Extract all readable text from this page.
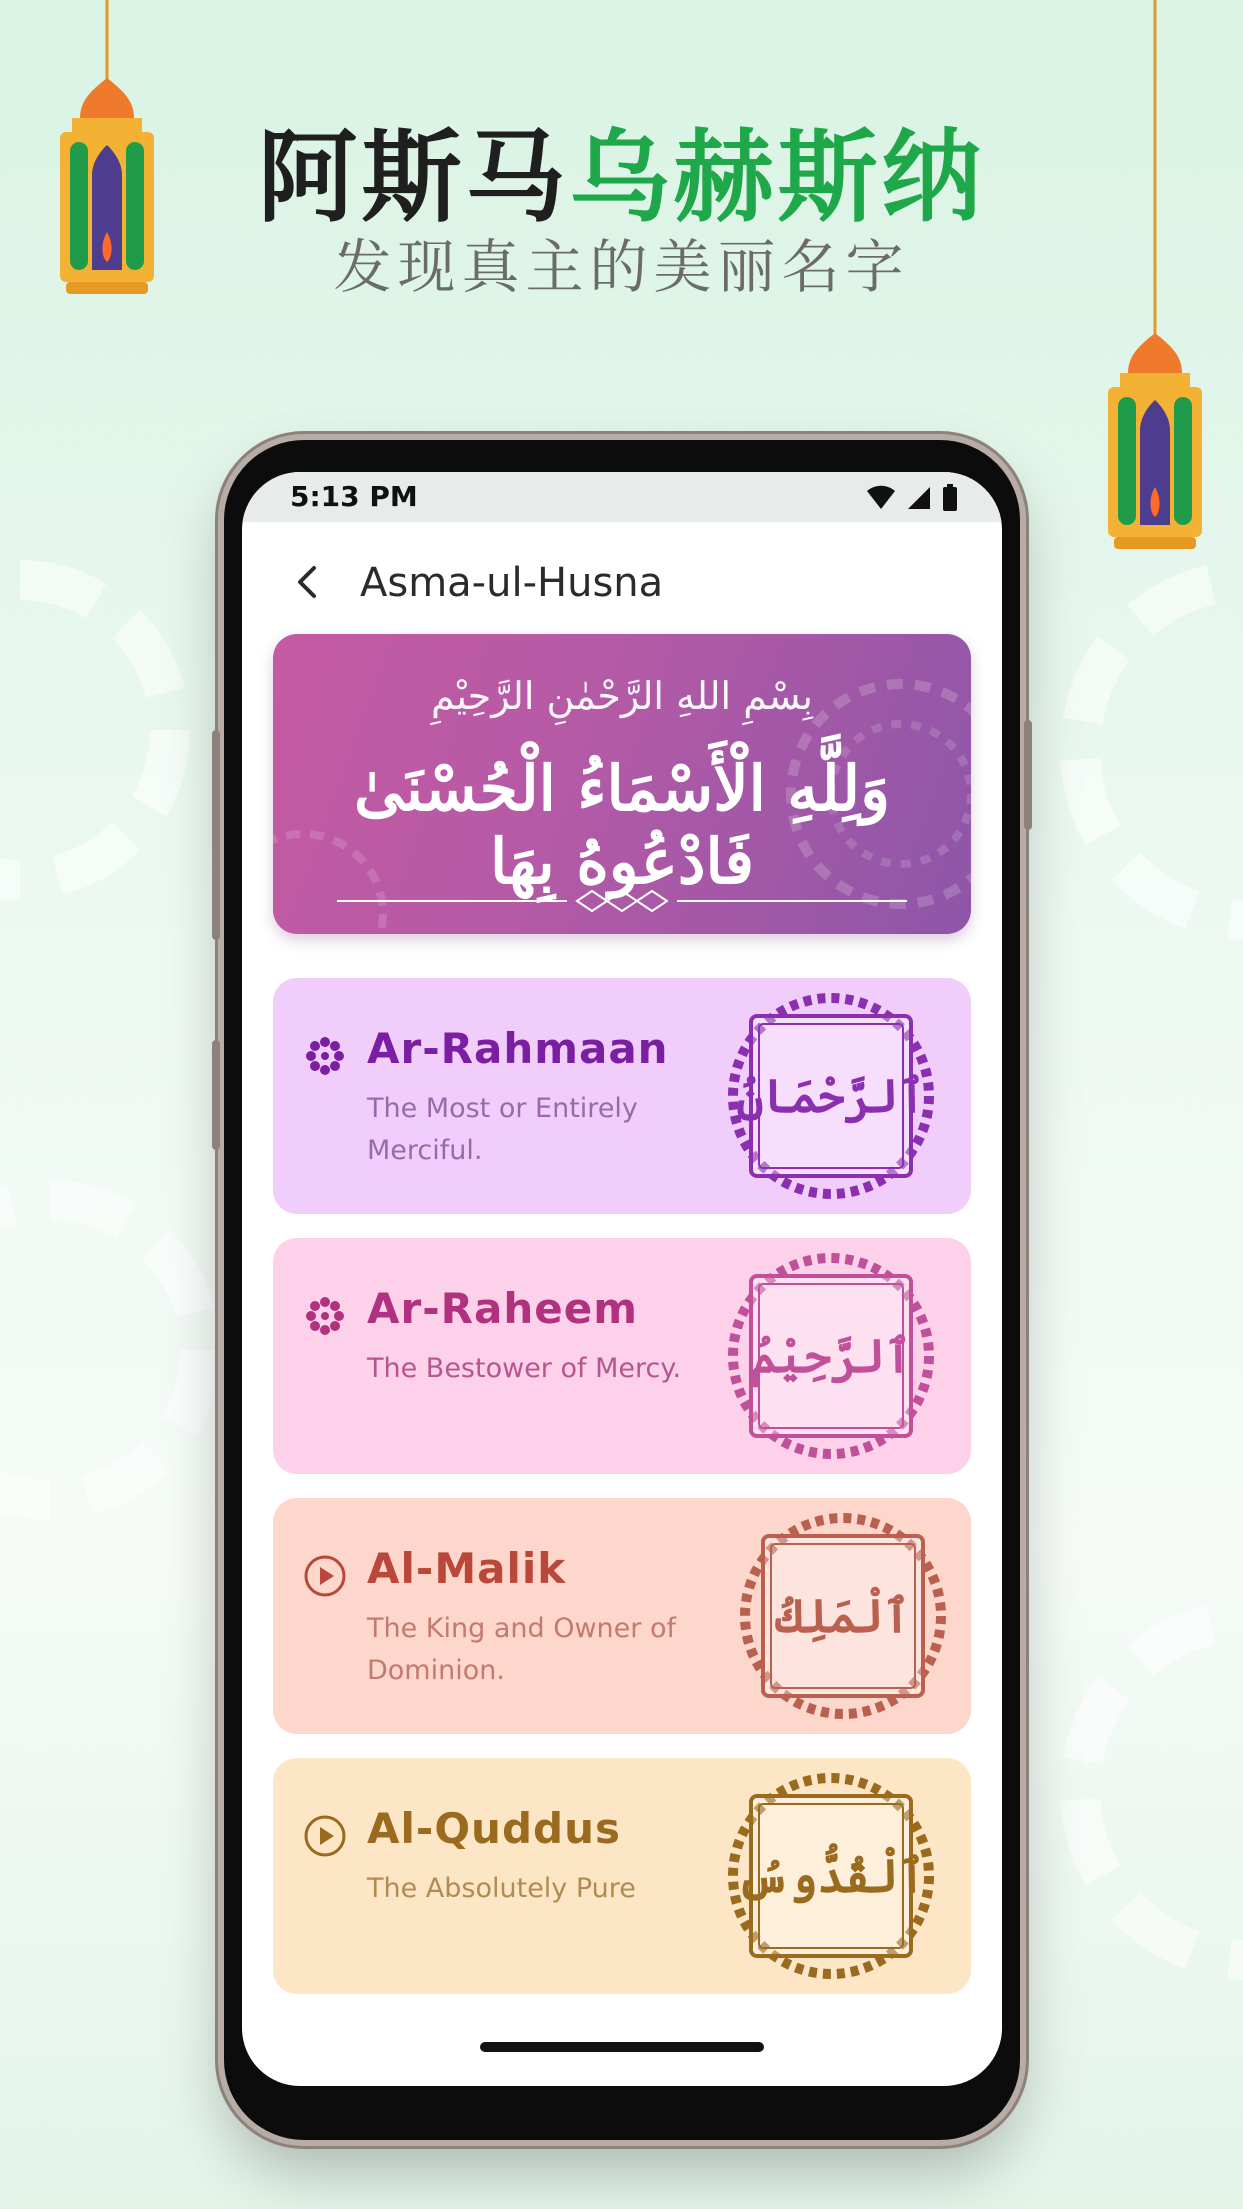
阿斯马乌赫斯纳
发现真主的美丽名字
5:13 PM
Asma-ul-Husna
بِسْمِ اللهِ الرَّحْمٰنِ الرَّحِيْمِ
وَلِلَّهِ الْأَسْمَاءُ الْحُسْنَىٰ فَادْعُوهُ بِهَا
Ar-Rahmaan
The Most or Entirely Merciful.
ٱلرَّحْمَانُ
Ar-Raheem
The Bestower of Mercy.	ٱلرَّحِيْمُ
Al-Malik
The King and Owner of Dominion.
ٱلْمَلِكُ
Al-Quddus
The Absolutely Pure	ٱلْقُدُّوسُ
